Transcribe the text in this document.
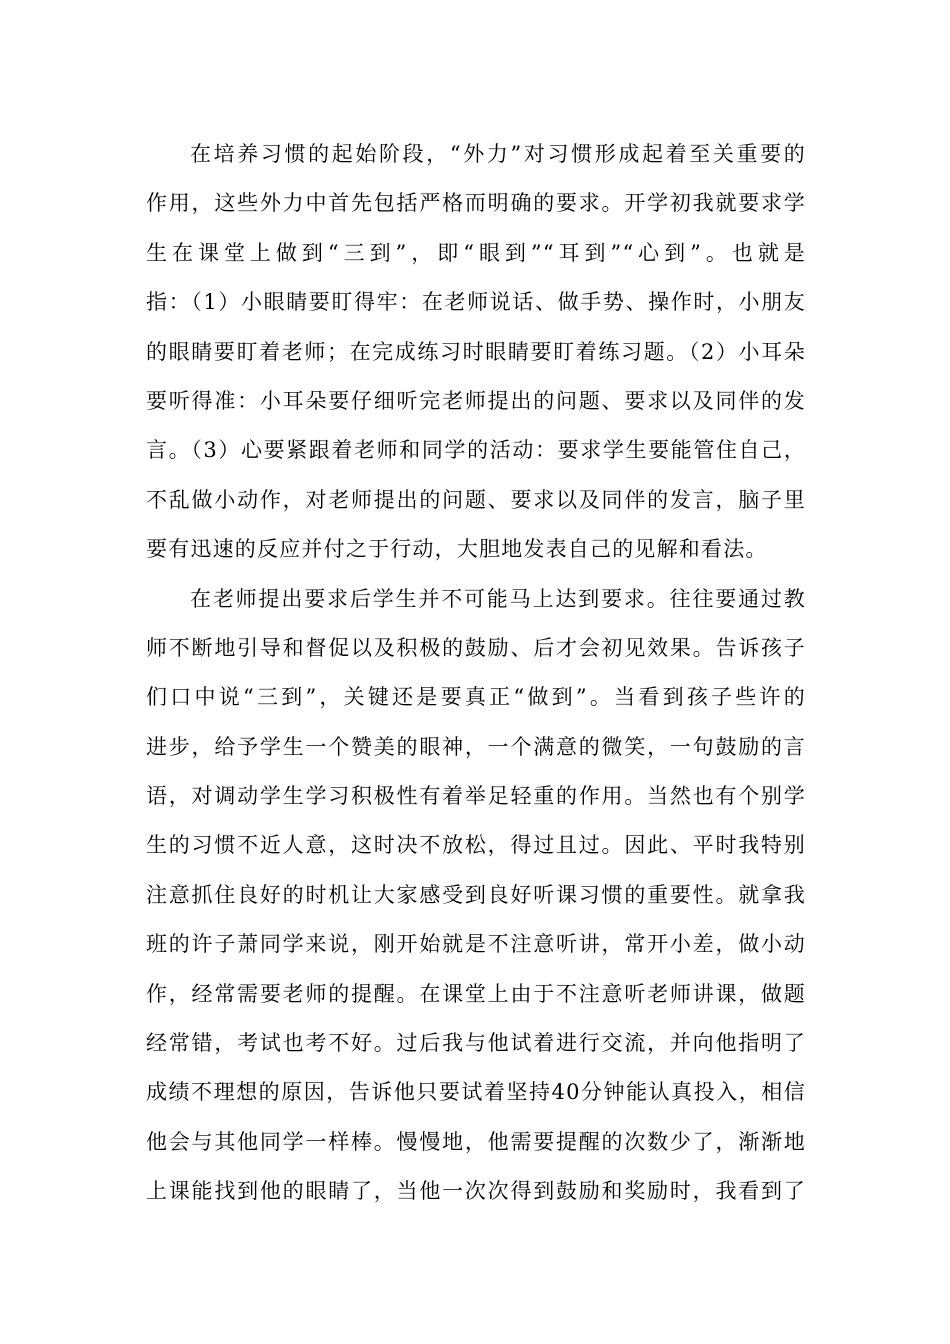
在培养习惯的起始阶段，“外力”对习惯形成起着至关重要的
作用，这些外力中首先包括严格而明确的要求。开学初我就要求学
生在课堂上做到“三到”，即“眼到”“耳到”“心到”。也就是
指：（1）小眼睛要盯得牢：在老师说话、做手势、操作时，小朋友
的眼睛要盯着老师；在完成练习时眼睛要盯着练习题。（2）小耳朵
要听得准：小耳朵要仔细听完老师提出的问题、要求以及同伴的发
言。（3）心要紧跟着老师和同学的活动：要求学生要能管住自己，
不乱做小动作，对老师提出的问题、要求以及同伴的发言，脑子里
要有迅速的反应并付之于行动，大胆地发表自己的见解和看法。
在老师提出要求后学生并不可能马上达到要求。往往要通过教
师不断地引导和督促以及积极的鼓励、后才会初见效果。告诉孩子
们口中说“三到”，关键还是要真正“做到”。当看到孩子些许的
进步，给予学生一个赞美的眼神，一个满意的微笑，一句鼓励的言
语，对调动学生学习积极性有着举足轻重的作用。当然也有个别学
生的习惯不近人意，这时决不放松，得过且过。因此、平时我特别
注意抓住良好的时机让大家感受到良好听课习惯的重要性。就拿我
班的许子萧同学来说，刚开始就是不注意听讲，常开小差，做小动
作，经常需要老师的提醒。在课堂上由于不注意听老师讲课，做题
经常错，考试也考不好。过后我与他试着进行交流，并向他指明了
成绩不理想的原因，告诉他只要试着坚持40分钟能认真投入，相信
他会与其他同学一样棒。慢慢地，他需要提醒的次数少了，渐渐地
上课能找到他的眼睛了，当他一次次得到鼓励和奖励时，我看到了
